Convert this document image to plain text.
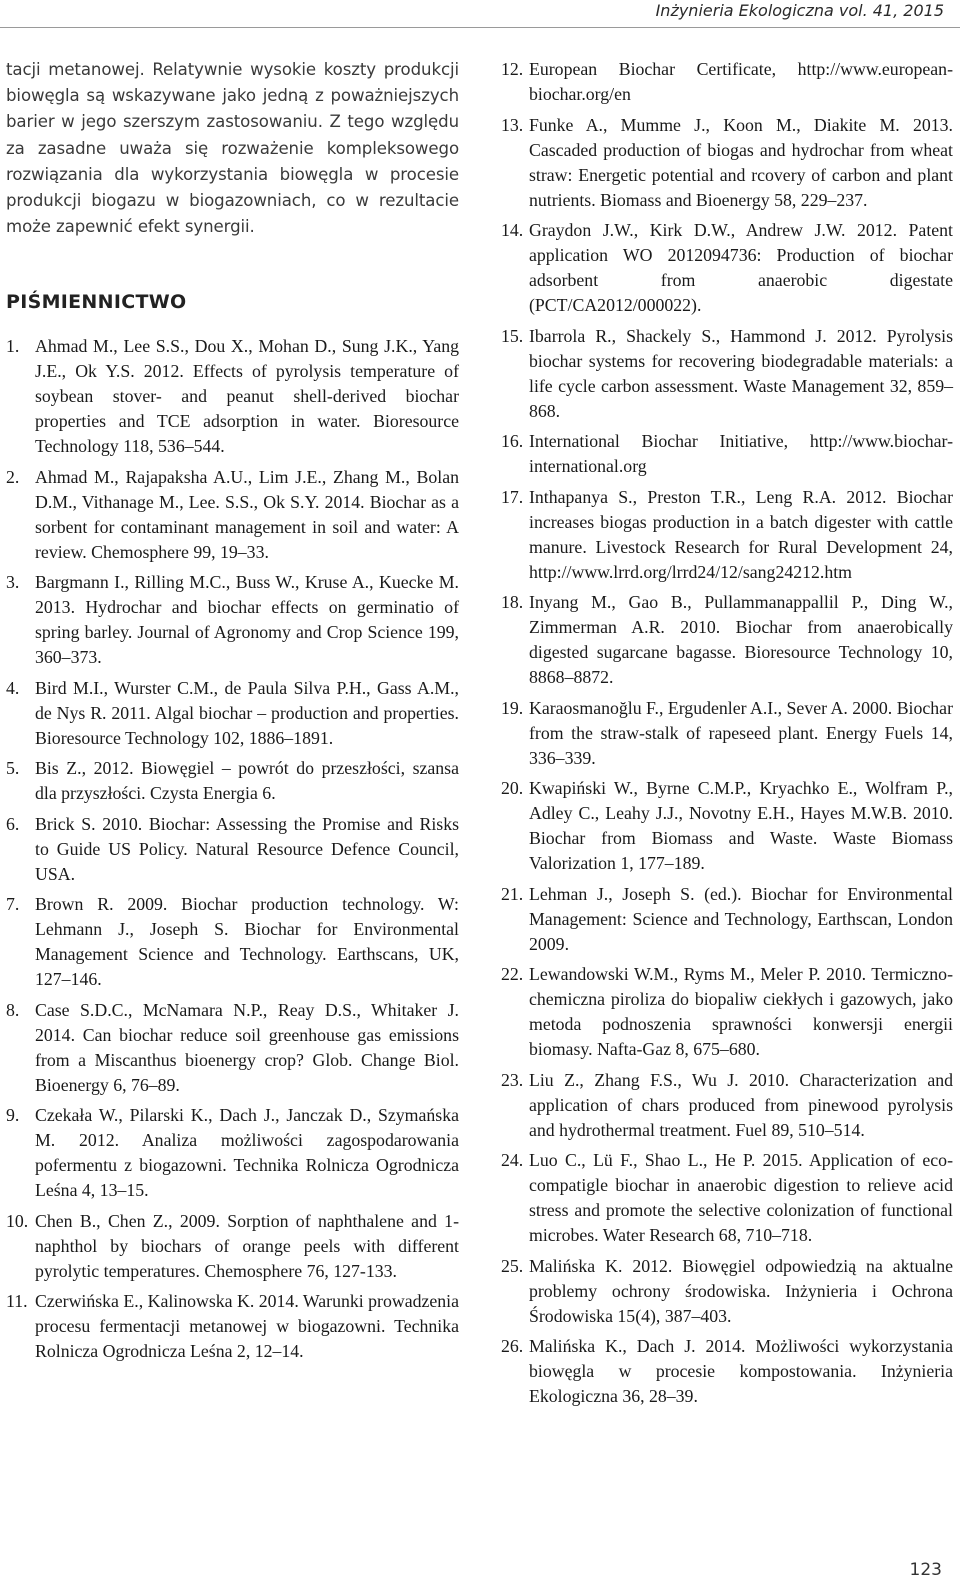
Inżynieria Ekologiczna vol. 41, 2015

tacji metanowej. Relatywnie wysokie koszty produkcji biowęgla są wskazywane jako jedną z poważniejszych barier w jego szerszym zastosowaniu. Z tego względu za zasadne uważa się rozważenie kompleksowego rozwiązania dla wykorzystania biowęgla w procesie produkcji biogazu w biogazowniach, co w rezultacie może zapewnić efekt synergii.

PIŚMIENNICTWO
1. Ahmad M., Lee S.S., Dou X., Mohan D., Sung J.K., Yang J.E., Ok Y.S. 2012. Effects of pyrolysis temperature of soybean stover- and peanut shell-derived biochar properties and TCE adsorption in water. Bioresource Technology 118, 536–544.
2. Ahmad M., Rajapaksha A.U., Lim J.E., Zhang M., Bolan D.M., Vithanage M., Lee. S.S., Ok S.Y. 2014. Biochar as a sorbent for contaminant management in soil and water: A review. Chemosphere 99, 19–33.
3. Bargmann I., Rilling M.C., Buss W., Kruse A., Kuecke M. 2013. Hydrochar and biochar effects on germinatio of spring barley. Journal of Agronomy and Crop Science 199, 360–373.
4. Bird M.I., Wurster C.M., de Paula Silva P.H., Gass A.M., de Nys R. 2011. Algal biochar – production and properties. Bioresource Technology 102, 1886–1891.
5. Bis Z., 2012. Biowęgiel – powrót do przeszłości, szansa dla przyszłości. Czysta Energia 6.
6. Brick S. 2010. Biochar: Assessing the Promise and Risks to Guide US Policy. Natural Resource Defence Council, USA.
7. Brown R. 2009. Biochar production technology. W: Lehmann J., Joseph S. Biochar for Environmental Management Science and Technology. Earthscans, UK, 127–146.
8. Case S.D.C., McNamara N.P., Reay D.S., Whitaker J. 2014. Can biochar reduce soil greenhouse gas emissions from a Miscanthus bioenergy crop? Glob. Change Biol. Bioenergy 6, 76–89.
9. Czekała W., Pilarski K., Dach J., Janczak D., Szymańska M. 2012. Analiza możliwości zagospodarowania pofermentu z biogazowni. Technika Rolnicza Ogrodnicza Leśna 4, 13–15.
10. Chen B., Chen Z., 2009. Sorption of naphthalene and 1-naphthol by biochars of orange peels with different pyrolytic temperatures. Chemosphere 76, 127-133.
11. Czerwińska E., Kalinowska K. 2014. Warunki prowadzenia procesu fermentacji metanowej w biogazowni. Technika Rolnicza Ogrodnicza Leśna 2, 12–14.
12. European Biochar Certificate, http://www.european-biochar.org/en
13. Funke A., Mumme J., Koon M., Diakite M. 2013. Cascaded production of biogas and hydrochar from wheat straw: Energetic potential and rcovery of carbon and plant nutrients. Biomass and Bioenergy 58, 229–237.
14. Graydon J.W., Kirk D.W., Andrew J.W. 2012. Patent application WO 2012094736: Production of biochar adsorbent from anaerobic digestate (PCT/CA2012/000022).
15. Ibarrola R., Shackely S., Hammond J. 2012. Pyrolysis biochar systems for recovering biodegradable materials: a life cycle carbon assessment. Waste Management 32, 859–868.
16. International Biochar Initiative, http://www.biochar-international.org
17. Inthapanya S., Preston T.R., Leng R.A. 2012. Biochar increases biogas production in a batch digester with cattle manure. Livestock Research for Rural Development 24, http://www.lrrd.org/lrrd24/12/sang24212.htm
18. Inyang M., Gao B., Pullammanappallil P., Ding W., Zimmerman A.R. 2010. Biochar from anaerobically digested sugarcane bagasse. Bioresource Technology 10, 8868–8872.
19. Karaosmanoğlu F., Ergudenler A.I., Sever A. 2000. Biochar from the straw-stalk of rapeseed plant. Energy Fuels 14, 336–339.
20. Kwapiński W., Byrne C.M.P., Kryachko E., Wolfram P., Adley C., Leahy J.J., Novotny E.H., Hayes M.W.B. 2010. Biochar from Biomass and Waste. Waste Biomass Valorization 1, 177–189.
21. Lehman J., Joseph S. (ed.). Biochar for Environmental Management: Science and Technology, Earthscan, London 2009.
22. Lewandowski W.M., Ryms M., Meler P. 2010. Termiczno-chemiczna piroliza do biopaliw ciekłych i gazowych, jako metoda podnoszenia sprawności konwersji energii biomasy. Nafta-Gaz 8, 675–680.
23. Liu Z., Zhang F.S., Wu J. 2010. Characterization and application of chars produced from pinewood pyrolysis and hydrothermal treatment. Fuel 89, 510–514.
24. Luo C., Lü F., Shao L., He P. 2015. Application of eco-compatigle biochar in anaerobic digestion to relieve acid stress and promote the selective colonization of functional microbes. Water Research 68, 710–718.
25. Malińska K. 2012. Biowęgiel odpowiedzią na aktualne problemy ochrony środowiska. Inżynieria i Ochrona Środowiska 15(4), 387–403.
26. Malińska K., Dach J. 2014. Możliwości wykorzystania biowęgla w procesie kompostowania. Inżynieria Ekologiczna 36, 28–39.
123
